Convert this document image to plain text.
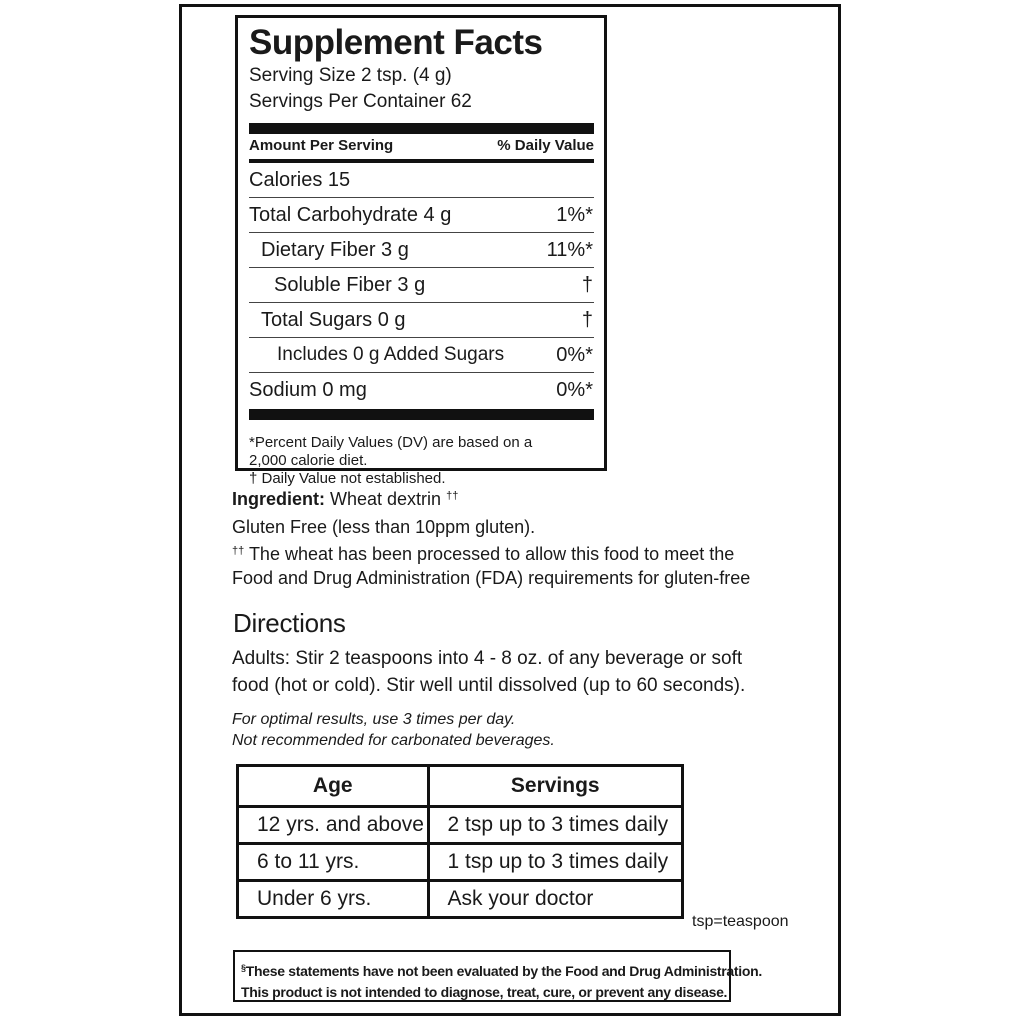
Supplement Facts
Serving Size 2 tsp. (4 g)
Servings Per Container 62
Amount Per Serving	% Daily Value
Calories 15
Total Carbohydrate 4 g	1%*
Dietary Fiber 3 g	11%*
Soluble Fiber 3 g	†
Total Sugars 0 g	†
Includes 0 g Added Sugars	0%*
Sodium 0 mg	0%*
*Percent Daily Values (DV) are based on a
2,000 calorie diet.
† Daily Value not established.
Ingredient: Wheat dextrin ††
Gluten Free (less than 10ppm gluten).
†† The wheat has been processed to allow this food to meet the
Food and Drug Administration (FDA) requirements for gluten-free
Directions
Adults: Stir 2 teaspoons into 4 - 8 oz. of any beverage or soft
food (hot or cold). Stir well until dissolved (up to 60 seconds).
For optimal results, use 3 times per day.
Not recommended for carbonated beverages.
Age	Servings
12 yrs. and above	2 tsp up to 3 times daily
6 to 11 yrs.	1 tsp up to 3 times daily
Under 6 yrs.	Ask your doctor
tsp=teaspoon
§These statements have not been evaluated by the Food and Drug Administration.
This product is not intended to diagnose, treat, cure, or prevent any disease.
